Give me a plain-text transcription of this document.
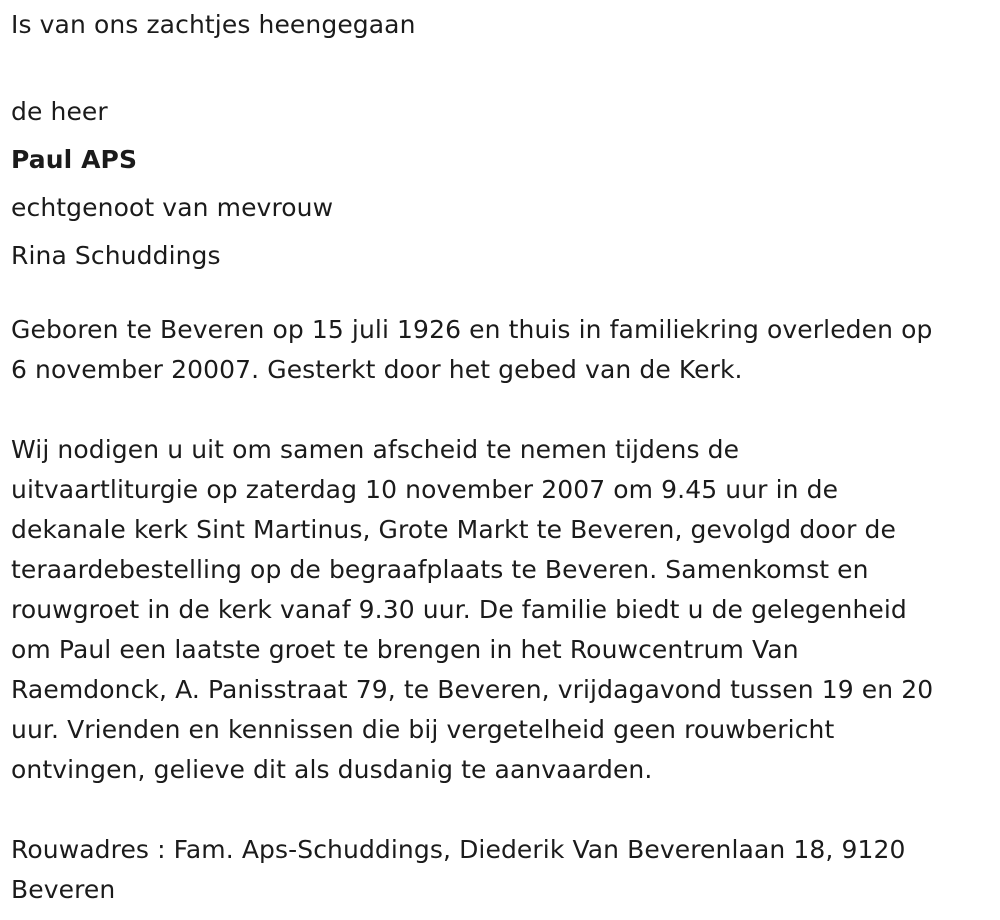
Is van ons zachtjes heengegaan

de heer

Paul APS

echtgenoot van mevrouw

Rina Schuddings

Geboren te Beveren op 15 juli 1926 en thuis in familiekring overleden op

6 november 20007. Gesterkt door het gebed van de Kerk.

Wij nodigen u uit om samen afscheid te nemen tijdens de

uitvaartliturgie op zaterdag 10 november 2007 om 9.45 uur in de

dekanale kerk Sint Martinus, Grote Markt te Beveren, gevolgd door de

teraardebestelling op de begraafplaats te Beveren. Samenkomst en

rouwgroet in de kerk vanaf 9.30 uur. De familie biedt u de gelegenheid

om Paul een laatste groet te brengen in het Rouwcentrum Van

Raemdonck, A. Panisstraat 79, te Beveren, vrijdagavond tussen 19 en 20

uur. Vrienden en kennissen die bij vergetelheid geen rouwbericht

ontvingen, gelieve dit als dusdanig te aanvaarden.

Rouwadres : Fam. Aps-Schuddings, Diederik Van Beverenlaan 18, 9120

Beveren
